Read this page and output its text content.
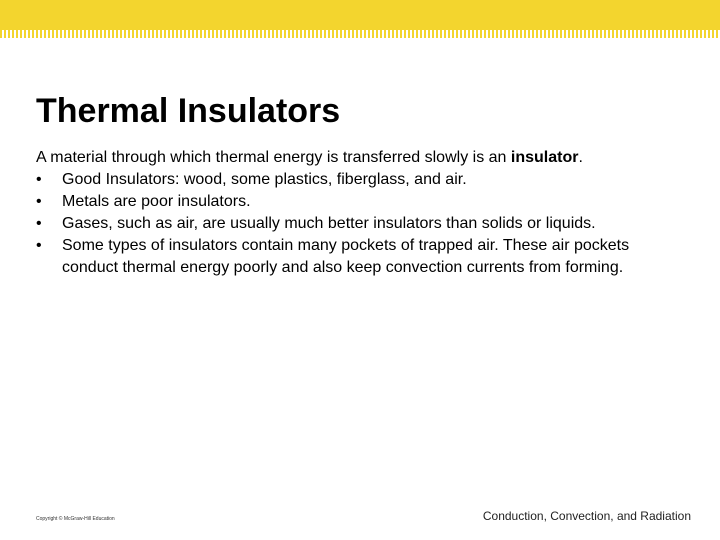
Thermal Insulators

A material through which thermal energy is transferred slowly is an insulator.

•	Good Insulators: wood, some plastics, fiberglass, and air.
•	Metals are poor insulators.
•	Gases, such as air, are usually much better insulators than solids or liquids.
•	Some types of insulators contain many pockets of trapped air. These air pockets conduct thermal energy poorly and also keep convection currents from forming.
Copyright © McGraw-Hill Education	Conduction, Convection, and Radiation
